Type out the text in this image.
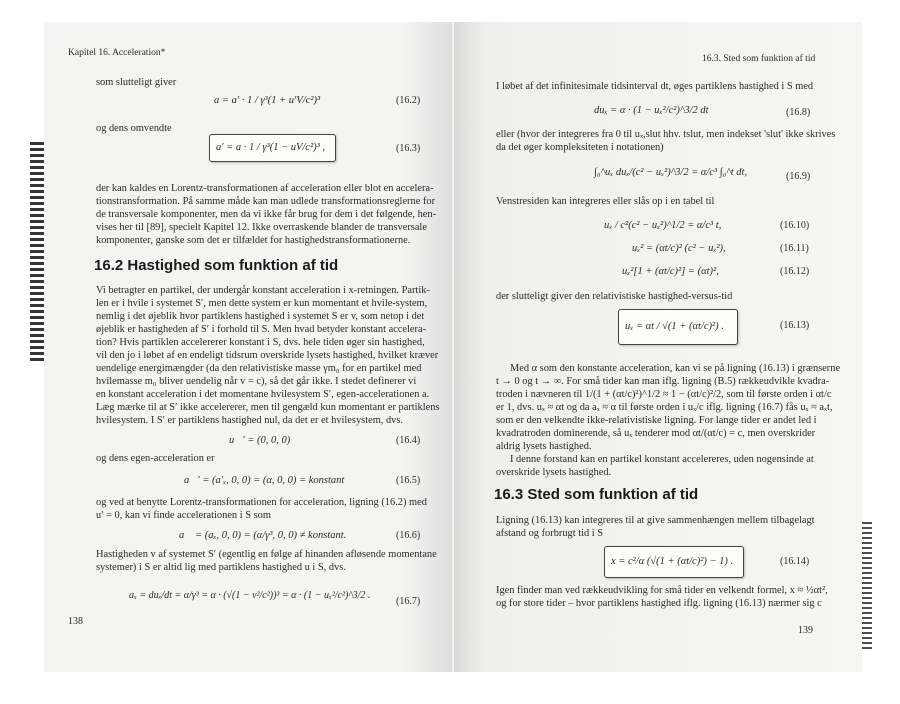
Kapitel 16. Acceleration*
som slutteligt giver
a = a′ · 1 / γ³(1 + u′V/c²)³	(16.2)
og dens omvendte
a′ = a · 1 / γ³(1 − uV/c²)³ ,	(16.3)
der kan kaldes en Lorentz-transformationen af acceleration eller blot en accelera-
tionstransformation. På samme måde kan man udlede transformationsreglerne for
de transversale komponenter, men da vi ikke får brug for dem i det følgende, hen-
vises her til [89], specielt Kapitel 12. Ikke overraskende blander de transversale
komponenter, ganske som det er tilfældet for hastighedstransformationerne.
16.2 Hastighed som funktion af tid
Vi betragter en partikel, der undergår konstant acceleration i x-retningen. Partik-
len er i hvile i systemet S′, men dette system er kun momentant et hvile-system,
nemlig i det øjeblik hvor partiklens hastighed i systemet S er v, som netop i det
øjeblik er hastigheden af S′ i forhold til S. Men hvad betyder konstant accelera-
tion? Hvis partiklen accelererer konstant i S, dvs. hele tiden øger sin hastighed,
vil den jo i løbet af en endeligt tidsrum overskride lysets hastighed, hvilket kræver
uendelige energimængder (da den relativistiske masse γm₀ for en partikel med
hvilemasse m₀ bliver uendelig når v = c), så det går ikke. I stedet definerer vi
en konstant acceleration i det momentane hvilesystem S′, egen-accelerationen a.
Læg mærke til at S′ ikke accelererer, men til gengæld kun momentant er partiklens
hvilesystem. I S′ er partiklens hastighed nul, da det er et hvilesystem, dvs.
u⃗′ = (0, 0, 0)	(16.4)
og dens egen-acceleration er
a⃗′ = (a′ₓ, 0, 0) = (α, 0, 0) = konstant	(16.5)
og ved at benytte Lorentz-transformationen for acceleration, ligning (16.2) med
u′ = 0, kan vi finde accelerationen i S som
a⃗ = (aₓ, 0, 0) = (α/γ³, 0, 0) ≠ konstant.	(16.6)
Hastigheden v af systemet S′ (egentlig en følge af hinanden afløsende momentane
systemer) i S er altid lig med partiklens hastighed u i S, dvs.
aₓ = duₓ/dt = α/γ³ = α · (√(1 − v²/c²))³ = α · (1 − uₓ²/c²)^3/2 .
(16.7)
138
16.3. Sted som funktion af tid
I løbet af det infinitesimale tidsinterval dt, øges partiklens hastighed i S med
duₓ = α · (1 − uₓ²/c²)^3/2 dt	(16.8)
eller (hvor der integreres fra 0 til uₓ,slut hhv. tslut, men indekset 'slut' ikke skrives
da det øger kompleksiteten i notationen)
∫₀^uₓ duₓ/(c² − uₓ²)^3/2 = α/c³ ∫₀^t dt,	(16.9)
Venstresiden kan integreres eller slås op i en tabel til
uₓ / c²(c² − uₓ²)^1/2 = α/c³ t,	(16.10)
uₓ² = (αt/c)² (c² − uₓ²),	(16.11)
uₓ²[1 + (αt/c)²] = (αt)²,	(16.12)
der slutteligt giver den relativistiske hastighed-versus-tid
uₓ = αt / √(1 + (αt/c)²) .	(16.13)
Med α som den konstante acceleration, kan vi se på ligning (16.13) i grænserne
t → 0 og t → ∞. For små tider kan man iflg. ligning (B.5) rækkeudvikle kvadra-
troden i nævneren til 1/(1 + (αt/c)²)^1/2 ≈ 1 − (αt/c)²/2, som til første orden i αt/c
er 1, dvs. uₓ ≈ αt og da aₓ ≈ α til første orden i uₓ/c iflg. ligning (16.7) fås uₓ ≈ aₓt,
som er den velkendte ikke-relativistiske ligning. For lange tider er andet led i
kvadratroden dominerende, så uₓ tenderer mod αt/(αt/c) = c, men overskrider
aldrig lysets hastighed.
I denne forstand kan en partikel konstant accelereres, uden nogensinde at
overskride lysets hastighed.
16.3 Sted som funktion af tid
Ligning (16.13) kan integreres til at give sammenhængen mellem tilbagelagt
afstand og forbrugt tid i S
x = c²/α (√(1 + (αt/c)²) − 1) .	(16.14)
Igen finder man ved rækkeudvikling for små tider en velkendt formel, x ≈ ½αt²,
og for store tider – hvor partiklens hastighed iflg. ligning (16.13) nærmer sig c
139
